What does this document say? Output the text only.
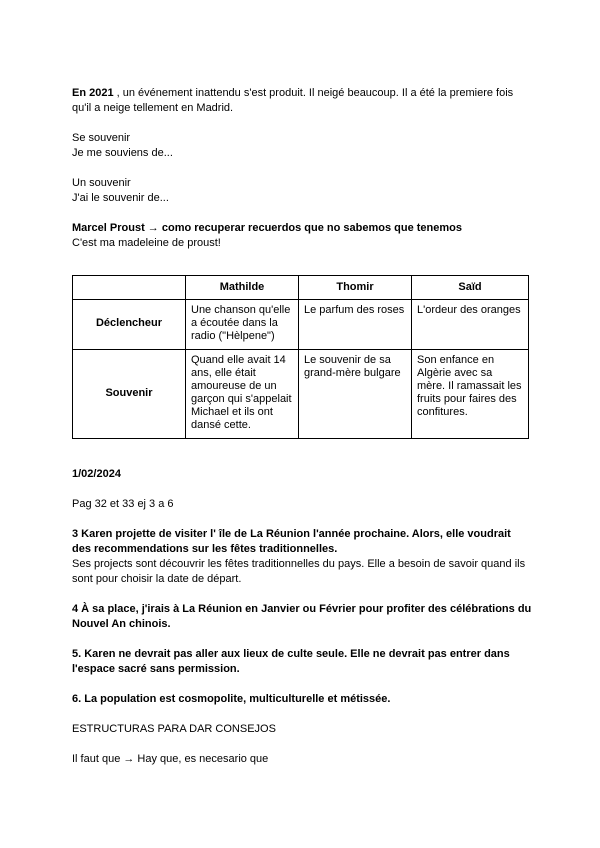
En 2021 , un événement inattendu s'est produit. Il neigé beaucoup. Il a été la premiere fois qu'il a neige tellement en Madrid.

Se souvenir

Je me souviens de...

Un souvenir

J'ai le souvenir de...

Marcel Proust → como recuperar recuerdos que no sabemos que tenemos

C'est ma madeleine de proust!

	Mathilde	Thomir	Saïd
Déclencheur	Une chanson qu'elle a écoutée dans la radio ("Hèlpene")	Le parfum des roses	L'ordeur des oranges
Souvenir	Quand elle avait 14 ans, elle était amoureuse de un garçon qui s'appelait Michael et ils ont dansé cette.	Le souvenir de sa grand-mère bulgare	Son enfance en Algèrie avec sa mère. Il ramassait les fruits pour faires des confitures.

1/02/2024

Pag 32 et 33 ej 3 a 6

3 Karen projette de visiter l' île de La Réunion l'année prochaine. Alors, elle voudrait des recommendations sur les fêtes traditionnelles.

Ses projects sont découvrir les fêtes traditionnelles du pays. Elle a besoin de savoir quand ils sont pour choisir la date de départ.

4 À sa place, j'irais à La Réunion en Janvier ou Février pour profiter des célébrations du Nouvel An chinois.

5. Karen ne devrait pas aller aux lieux de culte seule. Elle ne devrait pas entrer dans l'espace sacré sans permission.

6. La population est cosmopolite, multiculturelle et métissée.

ESTRUCTURAS PARA DAR CONSEJOS

Il faut que → Hay que, es necesario que
